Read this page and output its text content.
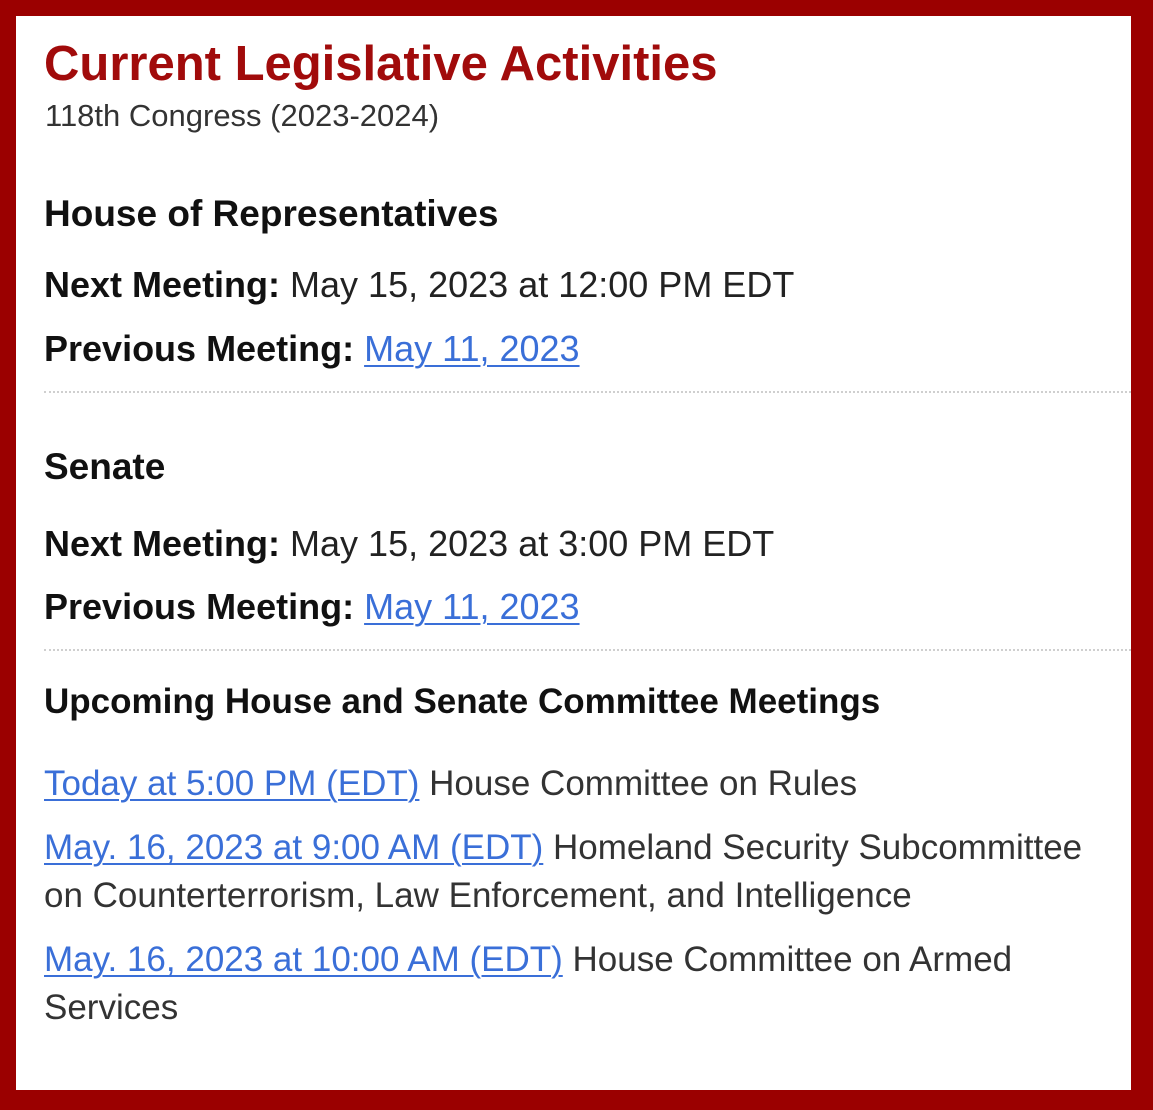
Current Legislative Activities
118th Congress (2023-2024)
House of Representatives
Next Meeting: May 15, 2023 at 12:00 PM EDT
Previous Meeting: May 11, 2023
Senate
Next Meeting: May 15, 2023 at 3:00 PM EDT
Previous Meeting: May 11, 2023
Upcoming House and Senate Committee Meetings
Today at 5:00 PM (EDT) House Committee on Rules
May. 16, 2023 at 9:00 AM (EDT) Homeland Security Subcommittee on Counterterrorism, Law Enforcement, and Intelligence
May. 16, 2023 at 10:00 AM (EDT) House Committee on Armed Services
